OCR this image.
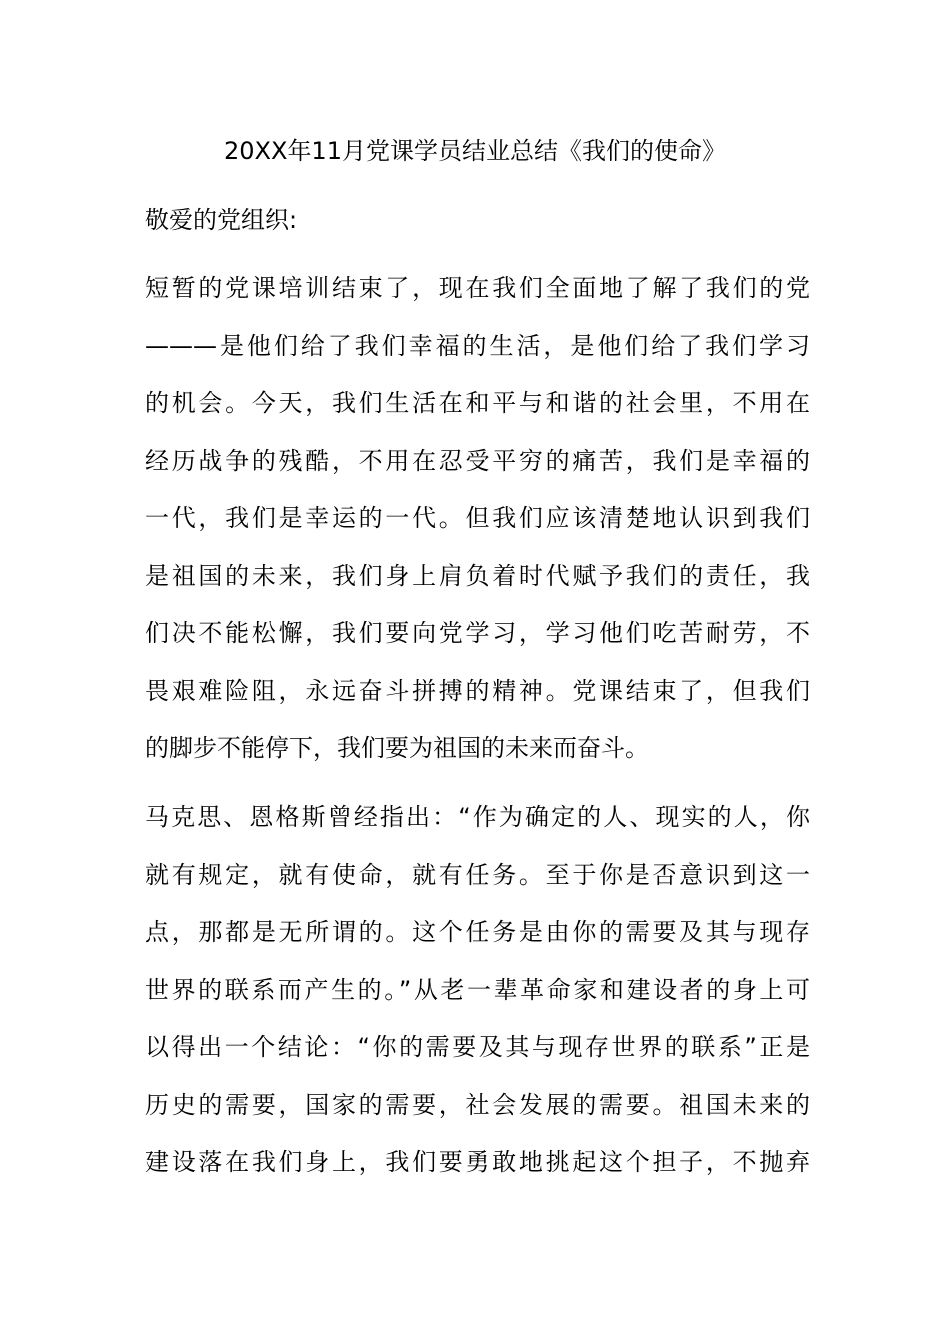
20XX年11月党课学员结业总结《我们的使命》
敬爱的党组织:
短暂的党课培训结束了，现在我们全面地了解了我们的党
———是他们给了我们幸福的生活，是他们给了我们学习
的机会。今天，我们生活在和平与和谐的社会里，不用在
经历战争的残酷，不用在忍受平穷的痛苦，我们是幸福的
一代，我们是幸运的一代。但我们应该清楚地认识到我们
是祖国的未来，我们身上肩负着时代赋予我们的责任，我
们决不能松懈，我们要向党学习，学习他们吃苦耐劳，不
畏艰难险阻，永远奋斗拼搏的精神。党课结束了，但我们
的脚步不能停下，我们要为祖国的未来而奋斗。
马克思、恩格斯曾经指出：“作为确定的人、现实的人，你
就有规定，就有使命，就有任务。至于你是否意识到这一
点，那都是无所谓的。这个任务是由你的需要及其与现存
世界的联系而产生的。”从老一辈革命家和建设者的身上可
以得出一个结论：“你的需要及其与现存世界的联系”正是
历史的需要，国家的需要，社会发展的需要。祖国未来的
建设落在我们身上，我们要勇敢地挑起这个担子，不抛弃
